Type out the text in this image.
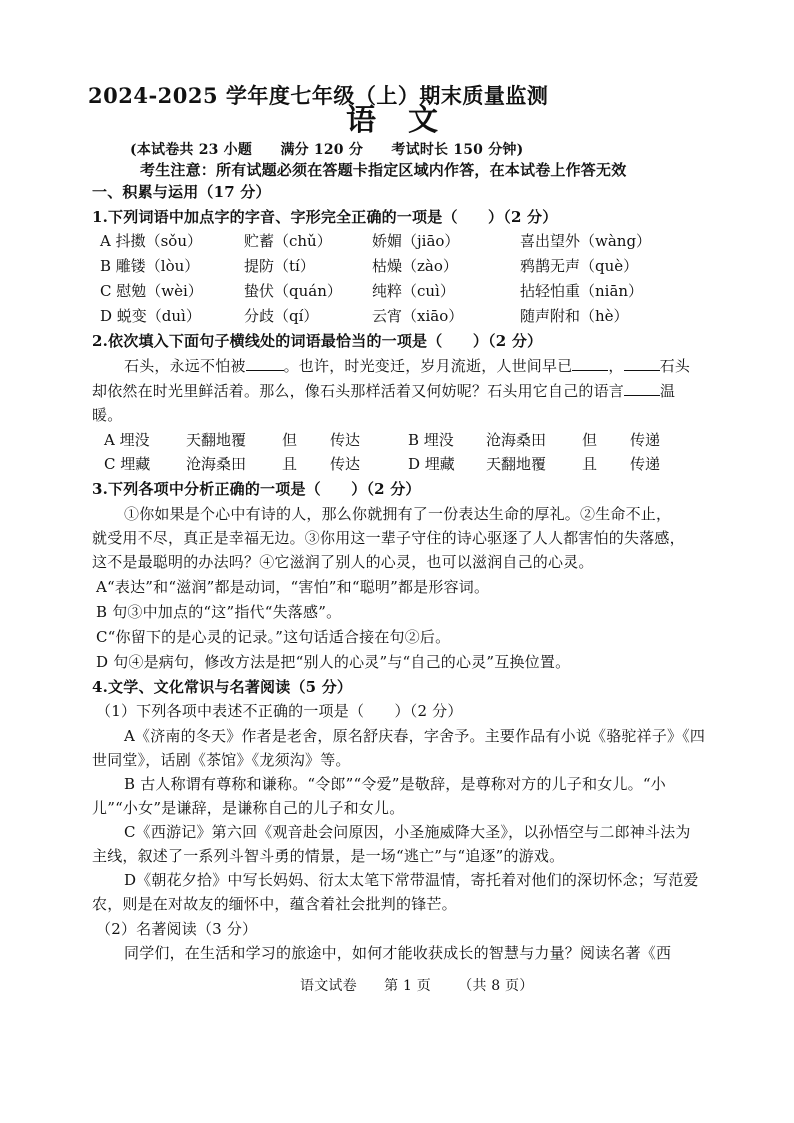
2024-2025 学年度七年级（上）期末质量监测
语文
(本试卷共 23 小题　　满分 120 分　　考试时长 150 分钟)
考生注意：所有试题必须在答题卡指定区域内作答，在本试卷上作答无效
一、积累与运用（17 分）
1.下列词语中加点字的字音、字形完全正确的一项是（　　）（2 分）
A 抖擞（sǒu）	贮蓄（chǔ）	娇媚（jiāo）	喜出望外（wàng）
B 雕镂（lòu）	提防（tí）	枯燥（zào）	鸦鹊无声（què）
C 慰勉（wèi）	蛰伏（quán） 纯粹（cuì）	拈轻怕重（niān）
D 蜕变（duì）	分歧（qí）	云宵（xiāo）	随声附和（hè）
2.依次填入下面句子横线处的词语最恰当的一项是（　　）（2 分）
石头，永远不怕被	。也许，时光变迁，岁月流逝，人世间早已 ， 石头
却依然在时光里鲜活着。那么，像石头那样活着又何妨呢？石头用它自己的语言 温
暖。
A 埋没 天翻地覆 但 传达	B 埋没 沧海桑田 但 传递
C 埋藏 沧海桑田 且 传达	D 埋藏 天翻地覆 且 传递
3.下列各项中分析正确的一项是（　　）（2 分）
①你如果是个心中有诗的人，那么你就拥有了一份表达生命的厚礼。②生命不止，
就受用不尽，真正是幸福无边。③你用这一辈子守住的诗心驱逐了人人都害怕的失落感，
这不是最聪明的办法吗？④它滋润了别人的心灵，也可以滋润自己的心灵。
A“表达”和“滋润”都是动词，“害怕”和“聪明”都是形容词。
B 句③中加点的“这”指代“失落感”。
C“你留下的是心灵的记录。”这句话适合接在句②后。
D 句④是病句，修改方法是把“别人的心灵”与“自己的心灵”互换位置。
4.文学、文化常识与名著阅读（5 分）
（1）下列各项中表述不正确的一项是（　　）（2 分）
A《济南的冬天》作者是老舍，原名舒庆春，字舍予。主要作品有小说《骆驼祥子》《四
世同堂》，话剧《茶馆》《龙须沟》等。
B 古人称谓有尊称和谦称。“令郎”“令爱”是敬辞，是尊称对方的儿子和女儿。“小
儿”“小女”是谦辞，是谦称自己的儿子和女儿。
C《西游记》第六回《观音赴会问原因，小圣施威降大圣》，以孙悟空与二郎神斗法为
主线，叙述了一系列斗智斗勇的情景，是一场“逃亡”与“追逐”的游戏。
D《朝花夕拾》中写长妈妈、衍太太笔下常带温情，寄托着对他们的深切怀念；写范爱
农，则是在对故友的缅怀中，蕴含着社会批判的锋芒。
（2）名著阅读（3 分）
同学们，在生活和学习的旅途中，如何才能收获成长的智慧与力量？阅读名著《西
语文试卷 第 1 页 （共 8 页）
